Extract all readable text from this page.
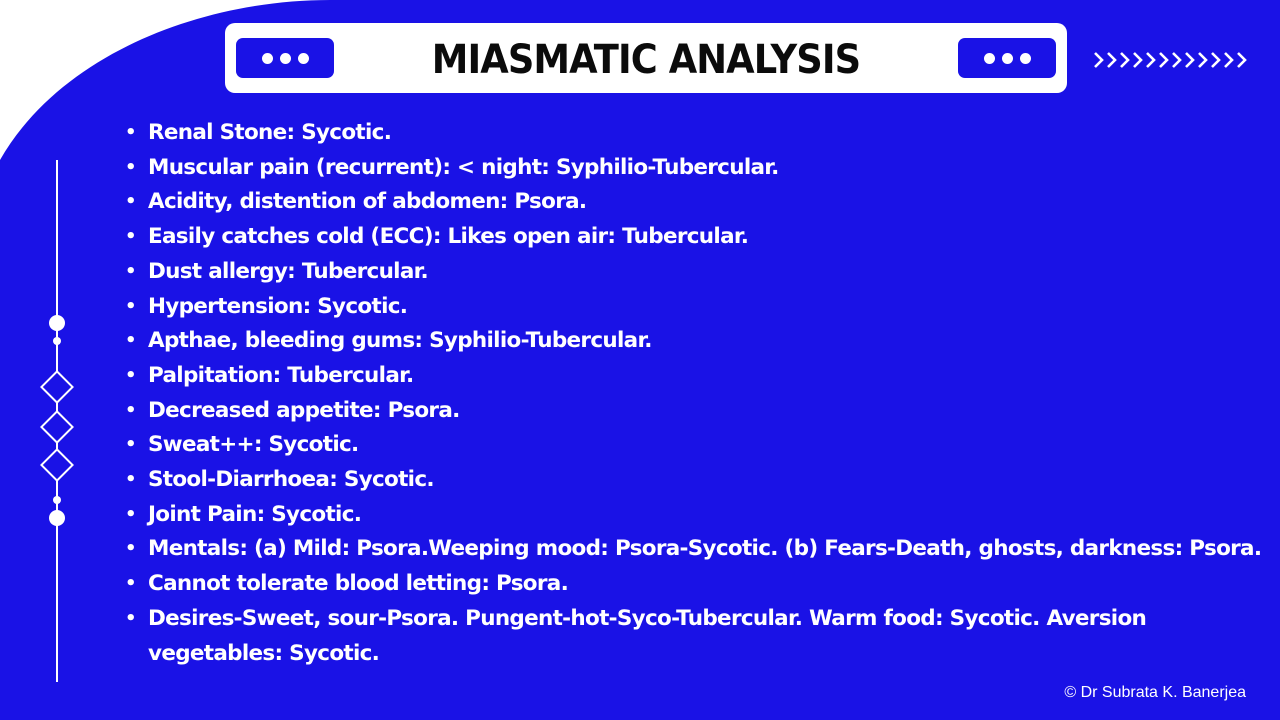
MIASMATIC ANALYSIS
• Renal Stone: Sycotic.
• Muscular pain (recurrent): < night: Syphilio-Tubercular.
• Acidity, distention of abdomen: Psora.
• Easily catches cold (ECC): Likes open air: Tubercular.
• Dust allergy: Tubercular.
• Hypertension: Sycotic.
• Apthae, bleeding gums: Syphilio-Tubercular.
• Palpitation: Tubercular.
• Decreased appetite: Psora.
• Sweat++: Sycotic.
• Stool-Diarrhoea: Sycotic.
• Joint Pain: Sycotic.
• Mentals: (a) Mild: Psora.Weeping mood: Psora-Sycotic. (b) Fears-Death, ghosts, darkness: Psora.
• Cannot tolerate blood letting: Psora.
• Desires-Sweet, sour-Psora. Pungent-hot-Syco-Tubercular. Warm food: Sycotic. Aversion vegetables: Sycotic.
© Dr Subrata K. Banerjea
